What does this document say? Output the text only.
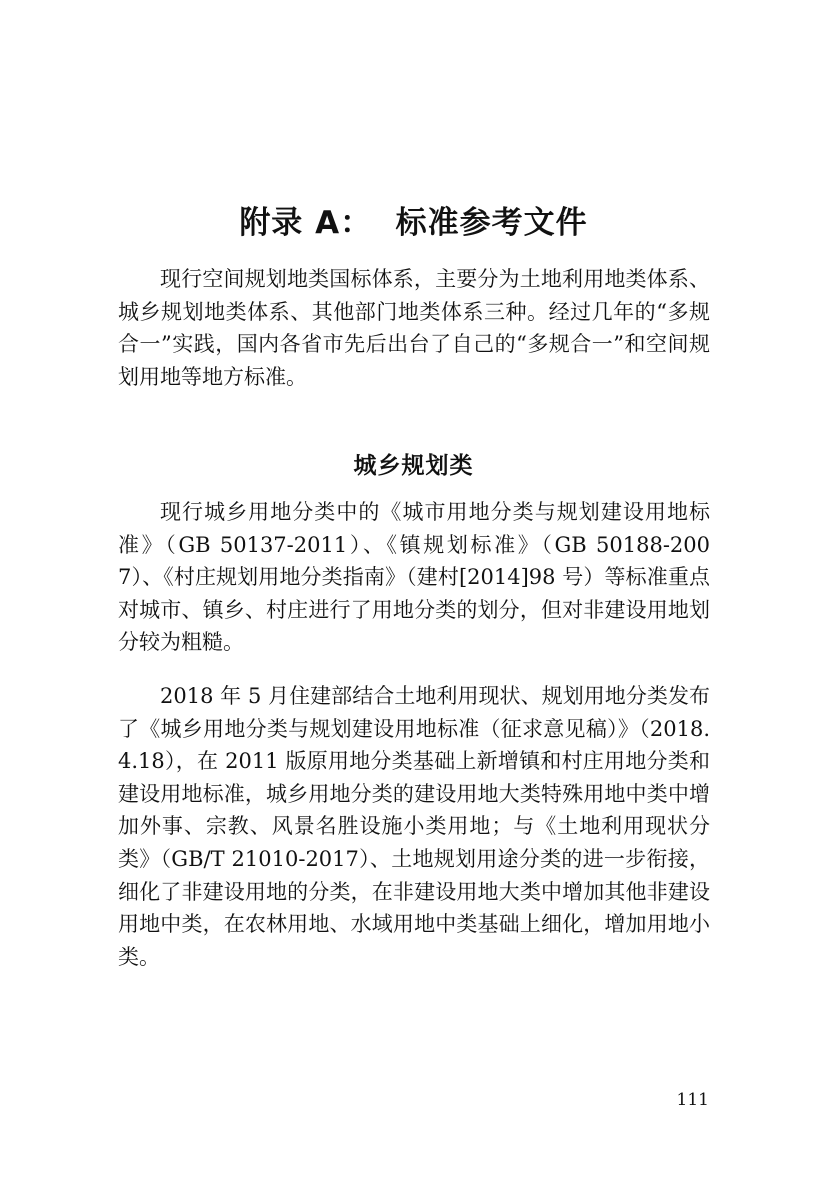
附录 A：  标准参考文件

现行空间规划地类国标体系，主要分为土地利用地类体系、城乡规划地类体系、其他部门地类体系三种。经过几年的“多规合一”实践，国内各省市先后出台了自己的“多规合一”和空间规划用地等地方标准。

城乡规划类

现行城乡用地分类中的《城市用地分类与规划建设用地标准》（GB 50137-2011）、《镇规划标准》（GB 50188-2007）、《村庄规划用地分类指南》（建村[2014]98 号）等标准重点对城市、镇乡、村庄进行了用地分类的划分，但对非建设用地划分较为粗糙。

2018 年 5 月住建部结合土地利用现状、规划用地分类发布了《城乡用地分类与规划建设用地标准（征求意见稿）》（2018.4.18），在 2011 版原用地分类基础上新增镇和村庄用地分类和建设用地标准，城乡用地分类的建设用地大类特殊用地中类中增加外事、宗教、风景名胜设施小类用地；与《土地利用现状分类》（GB/T 21010-2017）、土地规划用途分类的进一步衔接，细化了非建设用地的分类，在非建设用地大类中增加其他非建设用地中类，在农林用地、水域用地中类基础上细化，增加用地小类。

111
